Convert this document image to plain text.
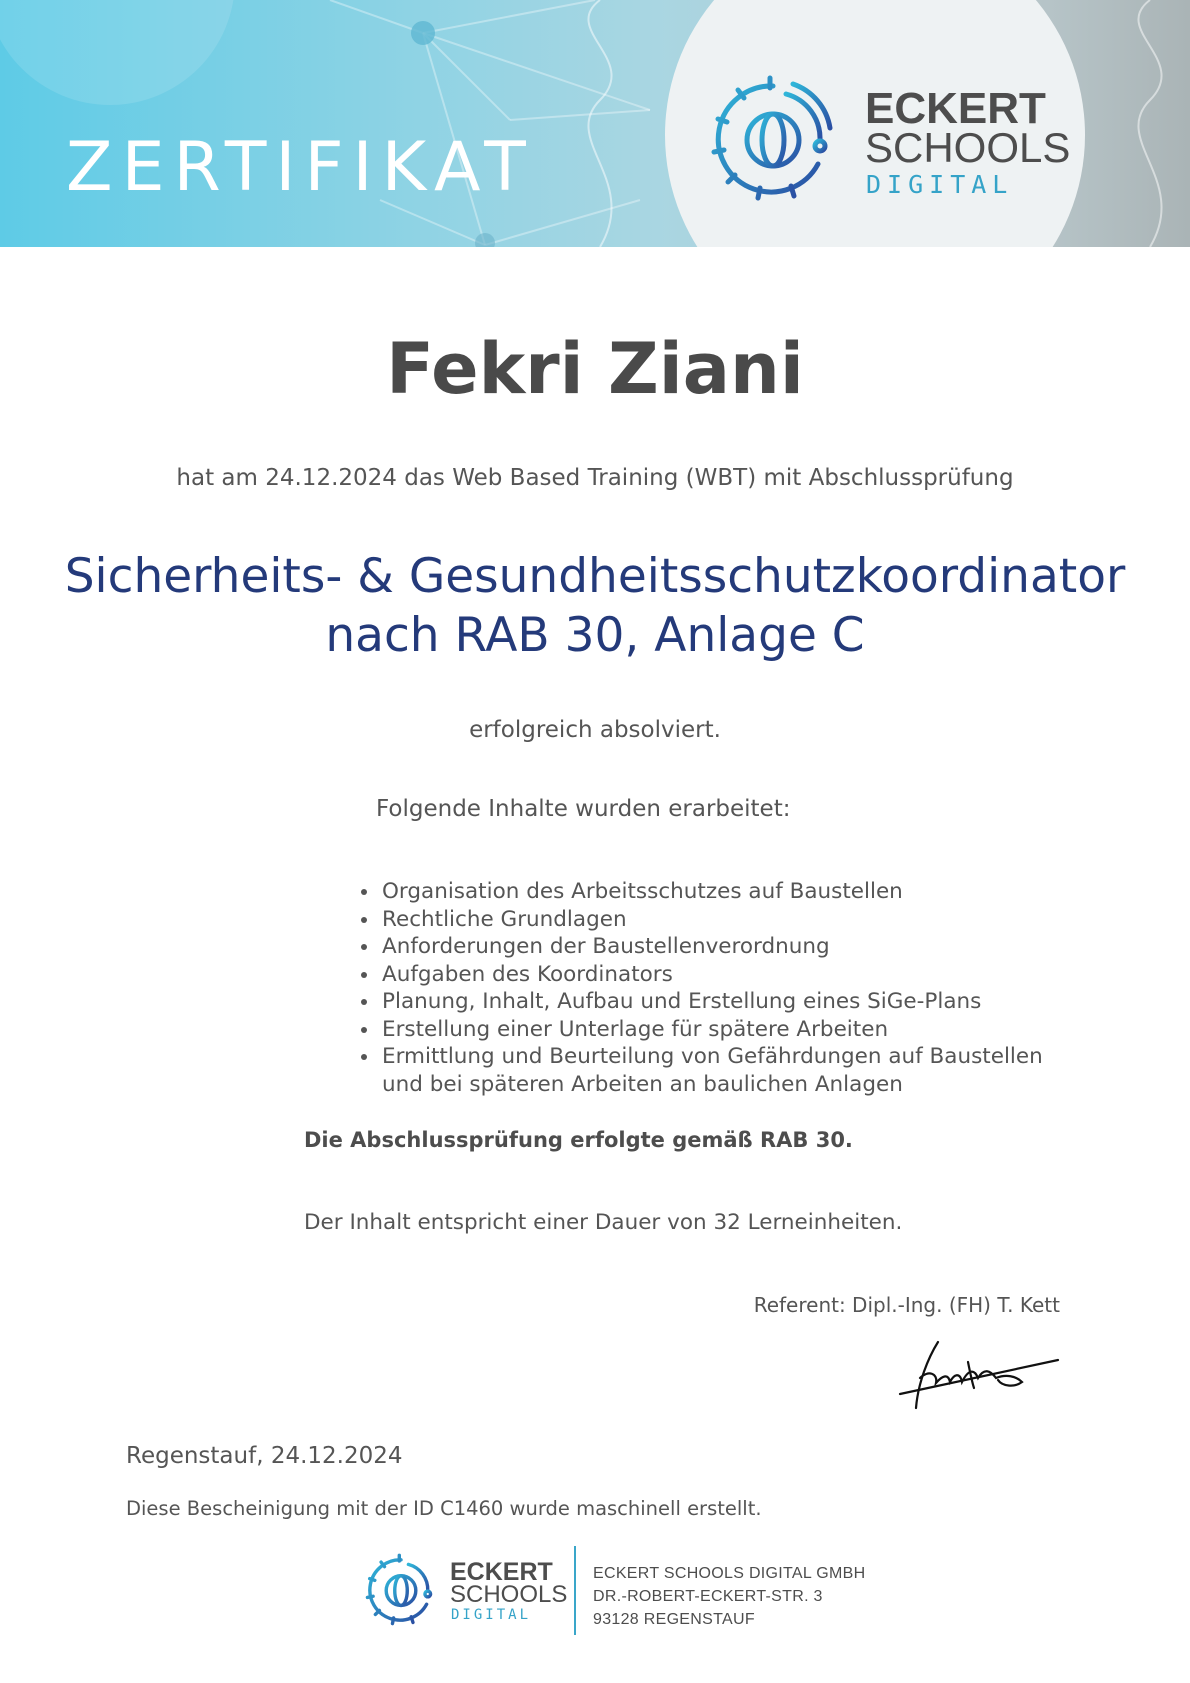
ZERTIFIKAT
ECKERT
SCHOOLS
DIGITAL
Fekri Ziani
hat am 24.12.2024 das Web Based Training (WBT) mit Abschlussprüfung
Sicherheits- & Gesundheitsschutzkoordinator
nach RAB 30, Anlage C
erfolgreich absolviert.
Folgende Inhalte wurden erarbeitet:
• Organisation des Arbeitsschutzes auf Baustellen
• Rechtliche Grundlagen
• Anforderungen der Baustellenverordnung
• Aufgaben des Koordinators
• Planung, Inhalt, Aufbau und Erstellung eines SiGe-Plans
• Erstellung einer Unterlage für spätere Arbeiten
• Ermittlung und Beurteilung von Gefährdungen auf Baustellen und bei späteren Arbeiten an baulichen Anlagen
Die Abschlussprüfung erfolgte gemäß RAB 30.
Der Inhalt entspricht einer Dauer von 32 Lerneinheiten.
Referent: Dipl.-Ing. (FH) T. Kett
Regenstauf, 24.12.2024
Diese Bescheinigung mit der ID C1460 wurde maschinell erstellt.
ECKERT
SCHOOLS
DIGITAL
ECKERT SCHOOLS DIGITAL GMBH
DR.-ROBERT-ECKERT-STR. 3
93128 REGENSTAUF
